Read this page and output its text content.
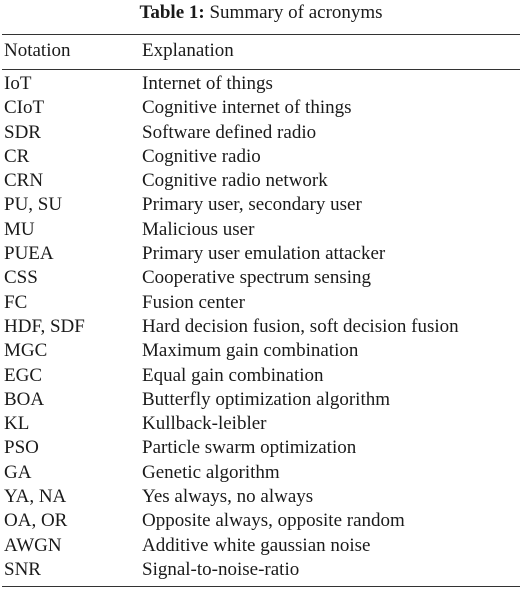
Table 1: Summary of acronyms
Notation	Explanation
IoT	Internet of things
CIoT	Cognitive internet of things
SDR	Software defined radio
CR	Cognitive radio
CRN	Cognitive radio network
PU, SU	Primary user, secondary user
MU	Malicious user
PUEA	Primary user emulation attacker
CSS	Cooperative spectrum sensing
FC	Fusion center
HDF, SDF	Hard decision fusion, soft decision fusion
MGC	Maximum gain combination
EGC	Equal gain combination
BOA	Butterfly optimization algorithm
KL	Kullback-leibler
PSO	Particle swarm optimization
GA	Genetic algorithm
YA, NA	Yes always, no always
OA, OR	Opposite always, opposite random
AWGN	Additive white gaussian noise
SNR	Signal-to-noise-ratio
